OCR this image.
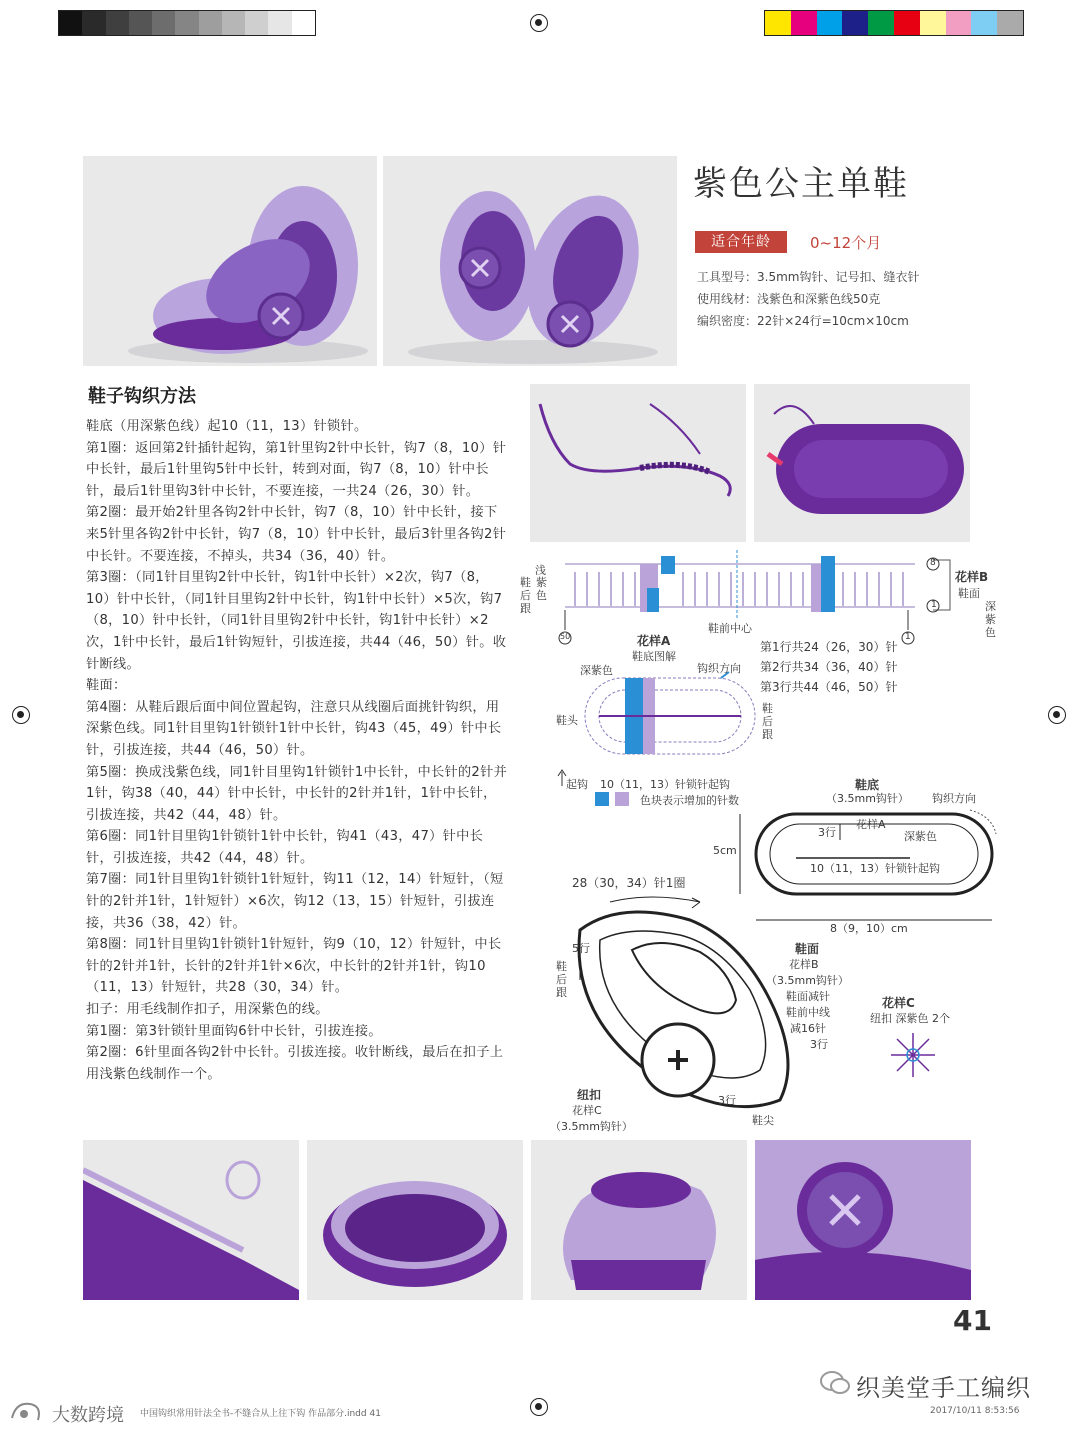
紫色公主单鞋
适合年龄	0~12个月
工具型号：3.5mm钩针、记号扣、缝衣针
使用线材：浅紫色和深紫色线50克
编织密度：22针×24行=10cm×10cm
鞋子钩织方法

鞋底（用深紫色线）起10（11，13）针锁针。

第1圈：返回第2针插针起钩，第1针里钩2针中长针，钩7（8，10）针中长针，最后1针里钩5针中长针，转到对面，钩7（8，10）针中长针，最后1针里钩3针中长针，不要连接，一共24（26，30）针。

第2圈：最开始2针里各钩2针中长针，钩7（8，10）针中长针，接下来5针里各钩2针中长针，钩7（8，10）针中长针，最后3针里各钩2针中长针。不要连接，不掉头，共34（36，40）针。

第3圈：（同1针目里钩2针中长针，钩1针中长针）×2次，钩7（8，10）针中长针，（同1针目里钩2针中长针，钩1针中长针）×5次，钩7（8，10）针中长针，（同1针目里钩2针中长针，钩1针中长针）×2次，1针中长针，最后1针钩短针，引拔连接，共44（46，50）针。收针断线。

鞋面：

第4圈：从鞋后跟后面中间位置起钩，注意只从线圈后面挑针钩织，用深紫色线。同1针目里钩1针锁针1针中长针，钩43（45，49）针中长针，引拔连接，共44（46，50）针。

第5圈：换成浅紫色线，同1针目里钩1针锁针1中长针，中长针的2针并1针，钩38（40，44）针中长针，中长针的2针并1针，1针中长针，引拔连接，共42（44，48）针。

第6圈：同1针目里钩1针锁针1针中长针，钩41（43，47）针中长针，引拔连接，共42（44，48）针。

第7圈：同1针目里钩1针锁针1针短针，钩11（12，14）针短针，（短针的2针并1针，1针短针）×6次，钩12（13，15）针短针，引拔连接，共36（38，42）针。

第8圈：同1针目里钩1针锁针1针短针，钩9（10，12）针短针，中长针的2针并1针，长针的2针并1针×6次，中长针的2针并1针，钩10（11，13）针短针，共28（30，34）针。

扣子：用毛线制作扣子，用深紫色的线。

第1圈：第3针锁针里面钩6针中长针，引拔连接。

第2圈：6针里面各钩2针中长针。引拔连接。收针断线，最后在扣子上用浅紫色线制作一个。

浅
鞋后跟
紫色
8
1
50	1
花样B
鞋面
深紫色
鞋前中心
花样A
鞋底图解
第1行共24（26，30）针
第2行共34（36，40）针
第3行共44（46，50）针
深紫色	钩织方向
鞋头
鞋后跟
起钩 10（11，13）针锁针起钩
色块表示增加的针数
鞋底
（3.5mm钩针） 钩织方向
3行
花样A
深紫色
5cm
10（11，13）针锁针起钩
8（9，10）cm
28（30，34）针1圈
5行
鞋后跟
鞋面
花样B
（3.5mm钩针）
鞋面减针
鞋前中线
减16针
3行
3行
鞋尖
纽扣
花样C
（3.5mm钩针）
花样C
纽扣 深紫色 2个
41
织美堂手工编织
大数跨境 中国钩织常用针法全书-不缝合从上往下钩 作品部分.indd 41	2017/10/11 8:53:56
